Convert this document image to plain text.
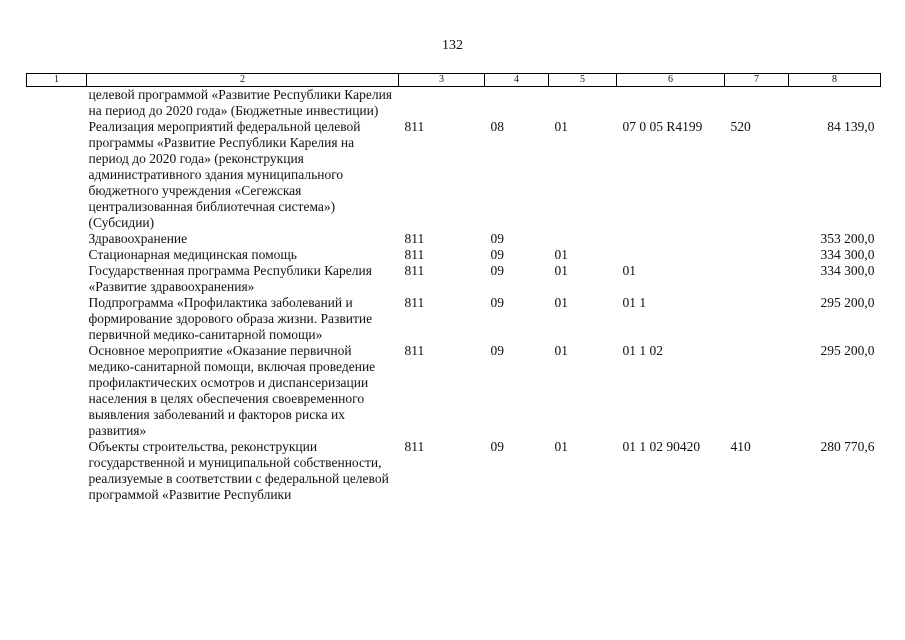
132
1	2	3	4	5	6	7	8
целевой программой «Развитие Республики Карелия на период до 2020 года» (Бюджетные инвестиции)							
Реализация мероприятий федеральной целевой программы «Развитие Республики Карелия на период до 2020 года» (реконструкция административного здания муниципального бюджетного учреждения «Сегежская централизованная библиотечная система») (Субсидии)		811	08	01	07 0 05 R4199	520	84 139,0
Здравоохранение		811	09				353 200,0
Стационарная медицинская помощь		811	09	01			334 300,0
Государственная программа Республики Карелия «Развитие здравоохранения»		811	09	01	01		334 300,0
Подпрограмма «Профилактика заболеваний и формирование здорового образа жизни. Развитие первичной медико-санитарной помощи»		811	09	01	01 1		295 200,0
Основное мероприятие «Оказание первичной медико-санитарной помощи, включая проведение профилактических осмотров и диспансеризации населения в целях обеспечения своевременного выявления заболеваний и факторов риска их развития»		811	09	01	01 1 02		295 200,0
Объекты строительства, реконструкции государственной и муниципальной собственности, реализуемые в соответствии с федеральной целевой программой «Развитие Республики		811	09	01	01 1 02 90420	410	280 770,6
